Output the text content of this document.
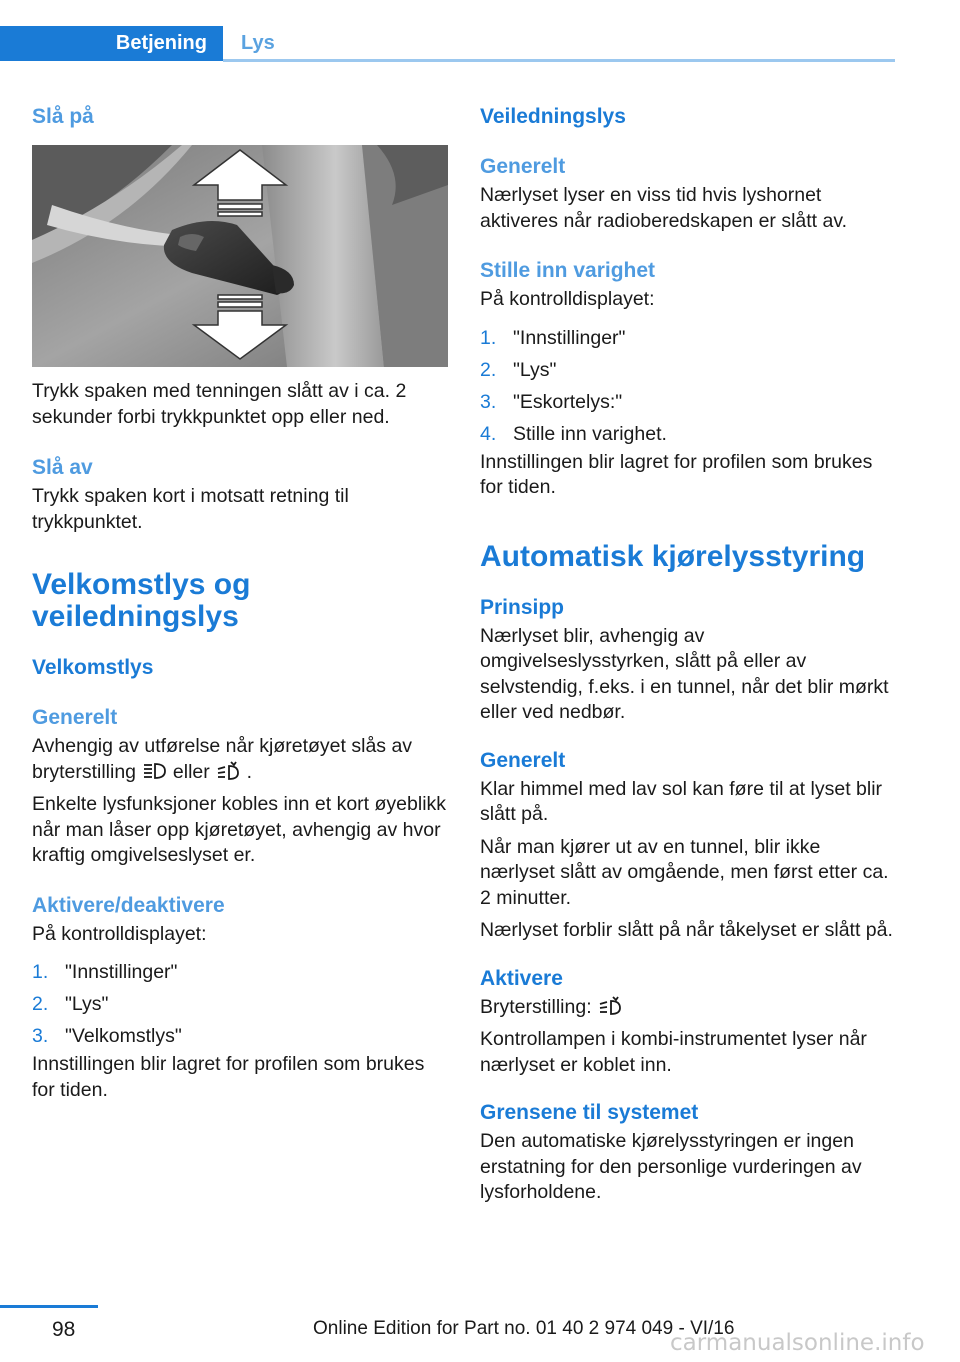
Betjening	Lys
Slå på

Trykk spaken med tenningen slått av i ca. 2 sekunder forbi trykkpunktet opp eller ned.

Slå av

Trykk spaken kort i motsatt retning til trykkpunktet.

Velkomstlys og
veiledningslys
Velkomstlys
Generelt

Avhengig av utførelse når kjøretøyet slås av bryterstilling eller .

Enkelte lysfunksjoner kobles inn et kort øyeblikk når man låser opp kjøretøyet, avhengig av hvor kraftig omgivelseslyset er.

Aktivere/deaktivere

På kontrolldisplayet:

1. "Innstillinger"
2. "Lys"
3. "Velkomstlys"

Innstillingen blir lagret for profilen som brukes for tiden.

Veiledningslys
Generelt

Nærlyset lyser en viss tid hvis lyshornet aktiveres når radioberedskapen er slått av.

Stille inn varighet

På kontrolldisplayet:

1. "Innstillinger"
2. "Lys"
3. "Eskortelys:"
4. Stille inn varighet.

Innstillingen blir lagret for profilen som brukes for tiden.

Automatisk kjørelysstyring
Prinsipp

Nærlyset blir, avhengig av omgivelseslysstyrken, slått på eller av selvstendig, f.eks. i en tunnel, når det blir mørkt eller ved nedbør.

Generelt

Klar himmel med lav sol kan føre til at lyset blir slått på.

Når man kjører ut av en tunnel, blir ikke nærlyset slått av omgående, men først etter ca. 2 minutter.

Nærlyset forblir slått på når tåkelyset er slått på.

Aktivere

Bryterstilling:

Kontrollampen i kombi-instrumentet lyser når nærlyset er koblet inn.

Grensene til systemet

Den automatiske kjørelysstyringen er ingen erstatning for den personlige vurderingen av lysforholdene.

98	Online Edition for Part no. 01 40 2 974 049 - VI/16
carmanualsonline.info
